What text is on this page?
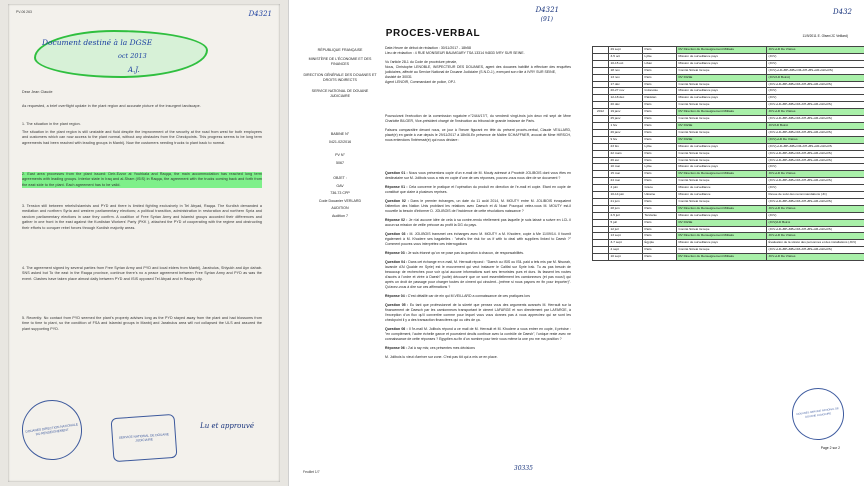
PV-06 263	D4321
Document destiné à la DGSE
oct 2013
A.J.
Dear Jean Claude
As requested, a brief overflight update in the plant region and accurate picture of the insurgent landscape.
1. The situation in the plant region.
The situation in the plant region is still unstable and fluid despite the improvement of the security at the road from west for both employees and customers which can now access to the plant normal, without any obstacles from the Checkpoints. This progress seems to be long term agreements had been reached with leading groups in Manbij. Now the customers needing trucks to plant back to normal.
2. East area processes from the plant issued: Deir-Ezzor at Youhkala and Raqqa, the main accommodation has reached long term agreements with leading groups. Interior state in Iraq and al-Sham (ISIS) in Raqqa, the agreement with the trucks coming back and forth from the east side to the plant. Each agreement has to be valid.
3. Tension still between rebels/Islamists and PYD and there is limited fighting exclusively in Tel Abyad, Raqqa. The Kurdish demanded a mediation and northern Syria and western parliamentary elections; a political transition, administration in restoration and northern Syria and random parliamentary elections in case they confirm. A coalition of Free Syrian Army and Islamist groups accorded their differences and gather in one front in the east against the Kurdistan Workers' Party (PKK ), attached the PYD of cooperating with the regime and obstructing their efforts to conquer rebel forces through Kurdish majority areas.
4. The agreement signed by several parties from Free Syrian Army and PYD and local elders from Manbij, Jarabulus, Shiyukh and Ayn dahab. SNS asked but To the east in the Raqqa province, continue there's no a peace agreement between Free Syrian Army and PYD as was the event. Clashes have taken place almost daily between PYD and ISIS opposed Tel Abyad and in Raqqa city.
5. Recently: No contact from PYD seemed the plant's property advises long as the PYD stayed away from the plant and had blossoms from time to time to plant, so the condition of FSA and Islamist groups in Manbij and Jarabulus area will not collapsed the ULS and assured the plant supporting PYD.
DOUANES DIRECTION NATIONALE DU RENSEIGNEMENT	SERVICE NATIONAL DE DOUANE JUDICIAIRE
Lu et approuvé
D4321
(91)
PROCES-VERBAL
RÉPUBLIQUE FRANÇAISE
MINISTÈRE DE L'ÉCONOMIE ET DES FINANCES
DIRECTION GÉNÉRALE DES DOUANES ET DROITS INDIRECTS
SERVICE NATIONAL DE DOUANE JUDICIAIRE
BABINE N°
0421-02/2016
PV N°
5067
OBJET :
GAV
736-73 CPP
Code Douanier VERLARD
AUDITION
Audition 7
Date-Heure de début de rédaction : 30/11/2017 - 18h58
Lieu de rédaction : 4 RUE MONSIEUR BAUMGARY TSA 13314 94833 IVRY SUR SEINE.
Vu l'article 28-1 du Code de procédure pénale,
Nous, Christophe LENOBLE, INSPECTEUR DES DOUANES, agent des douanes habilité à effectuer des enquêtes judiciaires, affecté au Service National de Douane Judiciaire (S.N.D.J.), exerçant son rôle à IVRY SUR SEINE,
Assisté de 30031
Agent LENOIR, Commandant de police, OPJ.
Poursuivant l'exécution de la commission rogatoire n°2444/17/7, du vendredi vingt-trois juin deux mil sept de Mme Charlotte BILGER, Vice-président chargé de l'instruction au tribunal de grande instance de Paris.
Faisons comparaître devant nous, ce jour à l'heure figurant en tête du présent procès-verbal, Claude VEILLARD, placé(e) en garde à vue depuis le 29/11/2017 à 18h06.En présence de Maître SCHAFFNER, avocat de Mme HIRSCH, nous entendons l'intéressé(e) qui nous déclare :
Question 01 : Nous vous présentons copie d'un e-mail de M. Mouty adressé à Procédé JOLIBOIS dont vous êtes en destinataire sur M. Jolibois vous a mis en copie d'une de ces réponses, pouvez-vous nous dire de se document ?
Réponse 01 : Cela concerne le pratique et l'opération du produit en direction de l'e-mail et copie. Etant en copie de constitué que claire à plusieurs reprises.
Question 02 : Dans le premier échanges, un date du 11 août 2014, M. MOUTY entre M. JOLIBOIS évoquaient l'attention des Nation Unis probitant les relations avec Daesch et Al Nusri Pourquoi velez-vous M. MOUTY est-il nouvelle la besoin d'informer D. JOLIBOIS de l'incidence de cette résolutions naissance ?
Réponse 02 : Je n'ai aucune idée de cela à sa contre-rendu réellement pas laquelle je suis laissé a suivre en LCL il aucun sa mission de veille précoce au profit la DG du pays.
Question 03 : M. JOLIBOIS transmet ces échanges avec M. MOUTY a M. Khodere, copie à Me 11/09/14. Il fournit également à M. Khodere ses bagatelles : "what's the risk for us if with to deal with suppliers linked to Daesh ?" Comment pouvez-vous interprétez ces interrogations
Réponse 03 : Je suis étonné qu'on ne pose pas la question à chacun, de responsabilités.
Question 04 : Dans cet échange en e-mail, M. Herrault répond : "Daesh ou ISIS ou ISIL paid a tels mis par M. Ntsorah, lavande d'Al Quaide en Syrie) est le mouvement qui veut instaurer le Califat sur Syrie Irak. Tu as pas besoin de beaucoup de recherches pour voir qu'ai aucune informations sont ses terroristes purs et durs. Ils fassent les routes d'accès à l'ordre et virée à Daesh" (suite) découvrir que ce sont essentiellement les camionneurs (et pas nous!) qui aprés un droit de passage pour charger toutes de ciment qui circulent...(même si nous payons en fin pour importer)". Qu'avez-vous à dire sur ces affirmations ?
Réponse 04 : C'est détaillé car de ein qui M.VEILLARD a connaissance de ces pratiques lors
Question 05 : Eu tant que professionnel de la sûreté que pensez vous des arguments avancés M. Herrault sur la financement de Daesch par les camionneurs transportant le ciment LAFARGE et non directement par LAFARGE, à l'exception d'un flux qu'il convertire comme pour lequel vous vous donnes pas à vous apprecirez qui se sont les checkpoint il y a des transaction financières qui ou clés de ça.
Question 06 : Il l'e-mail M. Jolibois répond a ce mail de M. Herrault et M. Khodere a vous entrer en copie, il précise : "en complément, l'autre échelle gance et pourraient deuils continue avec la contrôle de Daesh", l'unique reste avec ne connaissance de cette réponses ? Egyptien au fin d'un nombre pour tenir vous même la une pro me ma position ?
Réponse 06 : J'ai à ray mis; ces présentes mes décisions
M. Jolibois lu vieut d'arriver sur zone. C'est pas tôt qui a mis ce en place.
Feuillet 1/7	30335
D432
11/9/2011 E. Olsen/JC Veillard)
	29 sept	Paris	RV Direction du Renseignement Militaire	JCV+LD De Vrières
	3-5 oct	Lybie	Mission de surveillance pays	(JCV)
	10-15 oct	Liban	Mission de surveillance pays	(JCV)
	18 nov	Paris	Comité Sûreté Groupe	(JCV)+LD+BP+MB+CM+KH+BS+AR+GR+RS)
	13 nov	Paris	RV DGSE	(JCV/LD Boirot)
	17 déc	Paris	Comité Sûreté Groupe	(JCV+LD+BP+MB+CM+KH+BS+AR+GR+RS)
	20-27 nov	Indonésie	Mission de surveillance pays	(JCV)
	12-18 déc	Pakistan	Mission de surveillance pays	(JCV)
	20 déc	Paris	Comité Sûreté Groupe	(JCV+LD+BP+MB+CM+KH+BS+AR+GR+RS)
2012	19 janv	Paris	RV Direction du Renseignement Militaire	JCV+LD De Vrières
	25 janv	Paris	Comité Sûreté Groupe	(JCV+LD+BP+MB+CM+KH+BS+AR+GR+RS)
	1 fév	Paris	RV DGSE	JCV/LD Boirot
	26 janv	Paris	Comité Sûreté Groupe	(JCV+LD+BP+MB+CM+KH+BS+AR+GR+RS)
	9 fév	Paris	RV DGSE	(JCV)+LD De Vrières
	23 fév	Lybie	Mission de surveillance pays	(JCV)+LD+BP+MB+CM+KH+BS+AR+GR+RS
	22 mars	Paris	Comité Sûreté Groupe	(JCV+LD+BP+MB+CM+KH+BS+AR+GR+RS)
	26 avr	Paris	Comité Sûreté Groupe	(JCV+LD+BP+MB+CM+KH+BS+AR+GR+RS)
	10 mai	Lybie	Mission de surveillance pays	(JCV)
	15 mai	Paris	RV Direction du Renseignement Militaire	JCV+LD De Vrières
	24 mai	Paris	Comité Sûreté Groupe	(JCV+LD+BP+MB+CM+KH+BS+AR+GR+RS)
	4 juin	Grèce	Mission de surveillance	(JCV)
	10-14 juin	Ukraine	Mission de surveillance	Revue de suivi des recommandations (JC)
	21 juin	Paris	Comité Sûreté Groupe	(JCV+LD+BP+MB+CM+KH+BS+AR+GR+RS)
	28 juin	Paris	RV Direction du Renseignement Militaire	JCV+LD De Vrières
	2-5 juil	Tanzanie	Mission de surveillance pays	(JCV)
	5 juil	Paris	RV DGSE	(JCV)/LD Boirot
	12 juil	Paris	Comité Sûreté Groupe	(JCV+LD+BP+MB+CM+KH+BS+AR+GR+RS)
	13 sept	Paris	RV Direction du Renseignement Militaire	JCV+LD De Vrières
	3-7 sept	Égypte	Mission de surveillance pays	Évaluation de la sûreté des personnes et des installations (JCV)
	4 sept	Paris	Comité Sûreté Groupe	(JCV+LD+BP+MB+CM+KH+BS+AR+GR+RS)
	10 sept	Paris	RV Direction du Renseignement Militaire	JCV+LD De Vrières
Page 2 sur 2
DOUANES SERVICE NATIONAL DE DOUANE JUDICIAIRE
